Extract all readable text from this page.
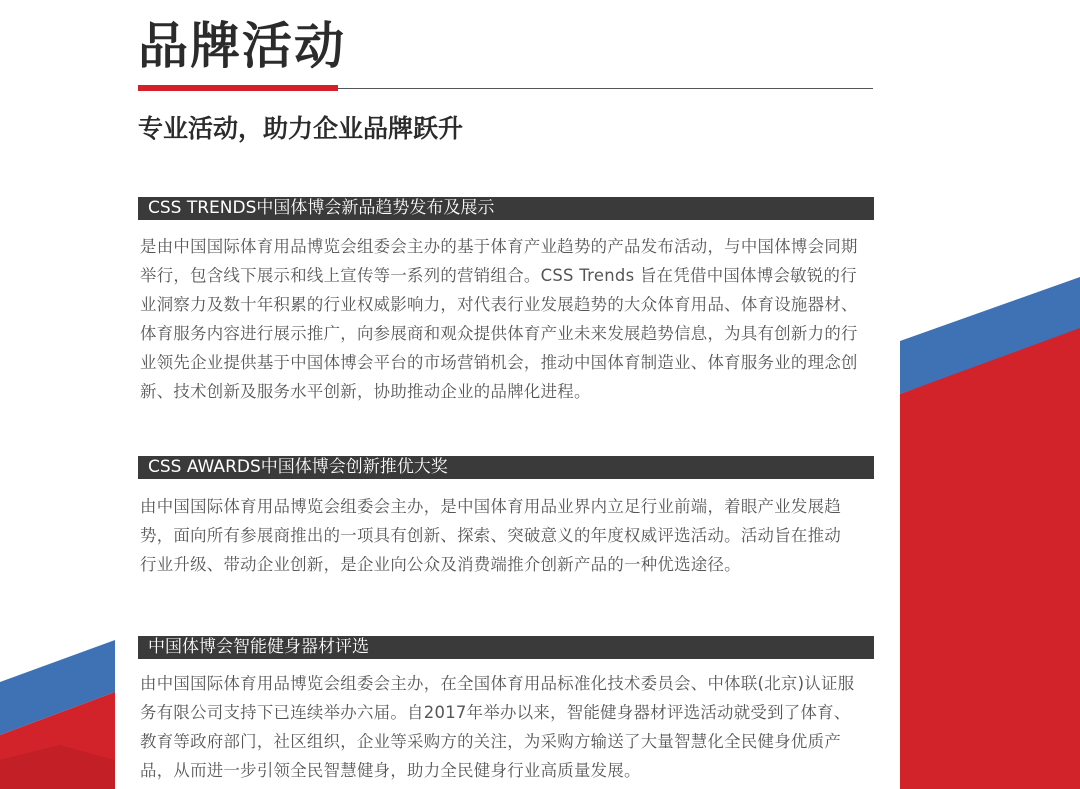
品牌活动
专业活动，助力企业品牌跃升
CSS TRENDS中国体博会新品趋势发布及展示
是由中国国际体育用品博览会组委会主办的基于体育产业趋势的产品发布活动，与中国体博会同期
举行，包含线下展示和线上宣传等一系列的营销组合。CSS Trends 旨在凭借中国体博会敏锐的行
业洞察力及数十年积累的行业权威影响力，对代表行业发展趋势的大众体育用品、体育设施器材、
体育服务内容进行展示推广，向参展商和观众提供体育产业未来发展趋势信息，为具有创新力的行
业领先企业提供基于中国体博会平台的市场营销机会，推动中国体育制造业、体育服务业的理念创
新、技术创新及服务水平创新，协助推动企业的品牌化进程。
CSS AWARDS中国体博会创新推优大奖
由中国国际体育用品博览会组委会主办，是中国体育用品业界内立足行业前端，着眼产业发展趋
势，面向所有参展商推出的一项具有创新、探索、突破意义的年度权威评选活动。活动旨在推动
行业升级、带动企业创新，是企业向公众及消费端推介创新产品的一种优选途径。
中国体博会智能健身器材评选
由中国国际体育用品博览会组委会主办，在全国体育用品标准化技术委员会、中体联(北京)认证服
务有限公司支持下已连续举办六届。自2017年举办以来，智能健身器材评选活动就受到了体育、
教育等政府部门，社区组织，企业等采购方的关注，为采购方输送了大量智慧化全民健身优质产
品，从而进一步引领全民智慧健身，助力全民健身行业高质量发展。
